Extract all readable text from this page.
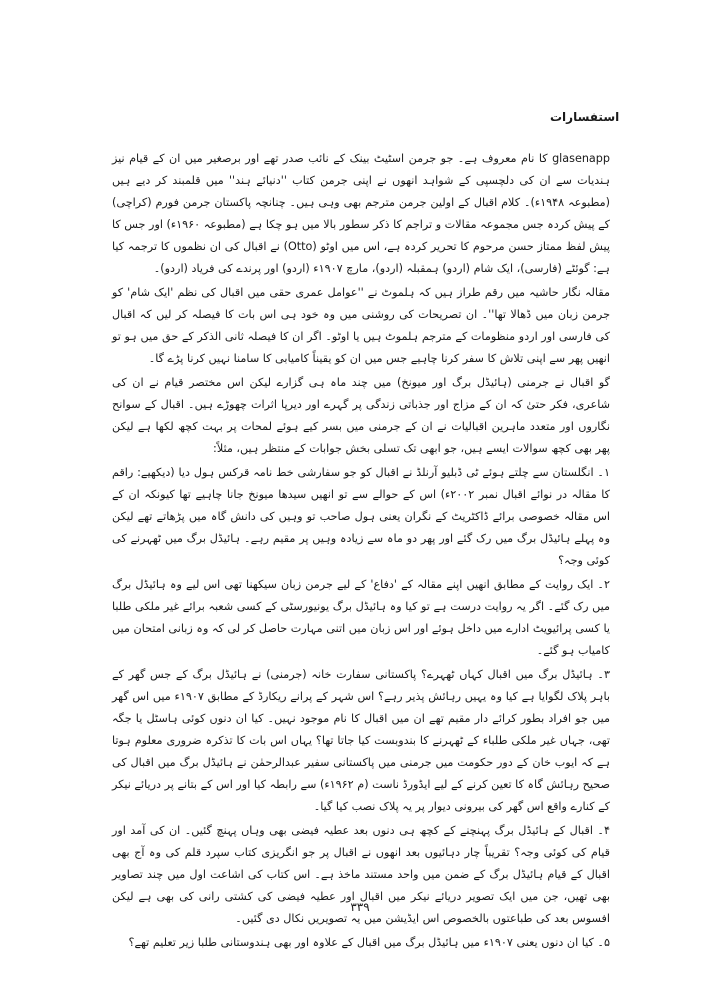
استفسارات

glasenapp کا نام معروف ہے۔ جو جرمن اسٹیٹ بینک کے نائب صدر تھے اور برصغیر میں ان کے قیام نیز ہندیات سے ان کی دلچسپی کے شواہد انھوں نے اپنی جرمن کتاب ''دنیائے ہند'' میں قلمبند کر دیے ہیں (مطبوعہ ۱۹۴۸ء)۔ کلام اقبال کے اولین جرمن مترجم بھی وہی ہیں۔ چنانچہ پاکستان جرمن فورم (کراچی) کے پیش کردہ جس مجموعہ مقالات و تراجم کا ذکر سطور بالا میں ہو چکا ہے (مطبوعہ ۱۹۶۰ء) اور جس کا پیش لفظ ممتاز حسن مرحوم کا تحریر کردہ ہے، اس میں اوٹو (Otto) نے اقبال کی ان نظموں کا ترجمہ کیا ہے: گوئٹے (فارسی)، ایک شام (اردو) ہمقبلہ (اردو)، مارچ ۱۹۰۷ء (اردو) اور پرندے کی فریاد (اردو)۔

مقالہ نگار حاشیہ میں رقم طراز ہیں کہ ہلموٹ نے ''عوامل عمری حقی میں اقبال کی نظم 'ایک شام' کو جرمن زبان میں ڈھالا تھا''۔ ان تصریحات کی روشنی میں وہ خود ہی اس بات کا فیصلہ کر لیں کہ اقبال کی فارسی اور اردو منظومات کے مترجم ہلموٹ ہیں یا اوٹو۔ اگر ان کا فیصلہ ثانی الذکر کے حق میں ہو تو انھیں پھر سے اپنی تلاش کا سفر کرنا چاہیے جس میں ان کو یقیناً کامیابی کا سامنا نہیں کرنا پڑے گا۔

گو اقبال نے جرمنی (ہائیڈل برگ اور میونخ) میں چند ماہ ہی گزارے لیکن اس مختصر قیام نے ان کی شاعری، فکر حتیٰ کہ ان کے مزاج اور جذباتی زندگی پر گہرے اور دیرپا اثرات چھوڑے ہیں۔ اقبال کے سوانح نگاروں اور متعدد ماہرین اقبالیات نے ان کے جرمنی میں بسر کیے ہوئے لمحات پر بہت کچھ لکھا ہے لیکن پھر بھی کچھ سوالات ایسے ہیں، جو ابھی تک تسلی بخش جوابات کے منتظر ہیں، مثلاً:

۱۔ انگلستان سے چلتے ہوئے ٹی ڈبلیو آرنلڈ نے اقبال کو جو سفارشی خط نامہ قرکس ہول دیا (دیکھیے: راقم کا مقالہ در نوائے اقبال نمبر ۲۰۰۲ء) اس کے حوالے سے تو انھیں سیدھا میونخ جانا چاہیے تھا کیونکہ ان کے اس مقالہ خصوصی برائے ڈاکٹریٹ کے نگران یعنی ہول صاحب تو وہیں کی دانش گاہ میں پڑھاتے تھے لیکن وہ پہلے ہائیڈل برگ میں رک گئے اور پھر دو ماہ سے زیادہ وہیں پر مقیم رہے۔ ہائیڈل برگ میں ٹھہرنے کی کوئی وجہ؟

۲۔ ایک روایت کے مطابق انھیں اپنے مقالہ کے 'دفاع' کے لیے جرمن زبان سیکھنا تھی اس لیے وہ ہائیڈل برگ میں رک گئے۔ اگر یہ روایت درست ہے تو کیا وہ ہائیڈل برگ یونیورسٹی کے کسی شعبہ برائے غیر ملکی طلبا یا کسی پرائیویٹ ادارے میں داخل ہوئے اور اس زبان میں اتنی مہارت حاصل کر لی کہ وہ زبانی امتحان میں کامیاب ہو گئے۔

۳۔ ہائیڈل برگ میں اقبال کہاں ٹھہرے؟ پاکستانی سفارت خانہ (جرمنی) نے ہائیڈل برگ کے جس گھر کے باہر پلاک لگوایا ہے کیا وہ یہیں رہائش پذیر رہے؟ اس شہر کے پرانے ریکارڈ کے مطابق ۱۹۰۷ء میں اس گھر میں جو افراد بطور کرائے دار مقیم تھے ان میں اقبال کا نام موجود نہیں۔ کیا ان دنوں کوئی ہاسٹل یا جگہ تھی، جہاں غیر ملکی طلباء کے ٹھہرنے کا بندوبست کیا جاتا تھا؟ یہاں اس بات کا تذکرہ ضروری معلوم ہوتا ہے کہ ایوب خان کے دور حکومت میں جرمنی میں پاکستانی سفیر عبدالرحمٰن نے ہائیڈل برگ میں اقبال کی صحیح رہائش گاہ کا تعین کرنے کے لیے ایڈورڈ ناست (م ۱۹۶۲ء) سے رابطہ کیا اور اس کے بتانے پر دریائے نیکر کے کنارے واقع اس گھر کی بیرونی دیوار پر یہ پلاک نصب کیا گیا۔

۴۔ اقبال کے ہائیڈل برگ پہنچنے کے کچھ ہی دنوں بعد عطیہ فیضی بھی وہاں پہنچ گئیں۔ ان کی آمد اور قیام کی کوئی وجہ؟ تقریباً چار دہائیوں بعد انھوں نے اقبال پر جو انگریزی کتاب سپرد قلم کی وہ آج بھی اقبال کے قیام ہائیڈل برگ کے ضمن میں واحد مستند ماخذ ہے۔ اس کتاب کی اشاعت اول میں چند تصاویر بھی تھیں، جن میں ایک تصویر دریائے نیکر میں اقبال اور عطیہ فیضی کی کشتی رانی کی بھی ہے لیکن افسوس بعد کی طباعتوں بالخصوص اس ایڈیشن میں یہ تصویریں نکال دی گئیں۔

۵۔ کیا ان دنوں یعنی ۱۹۰۷ء میں ہائیڈل برگ میں اقبال کے علاوہ اور بھی ہندوستانی طلبا زیر تعلیم تھے؟

۳۳۹
